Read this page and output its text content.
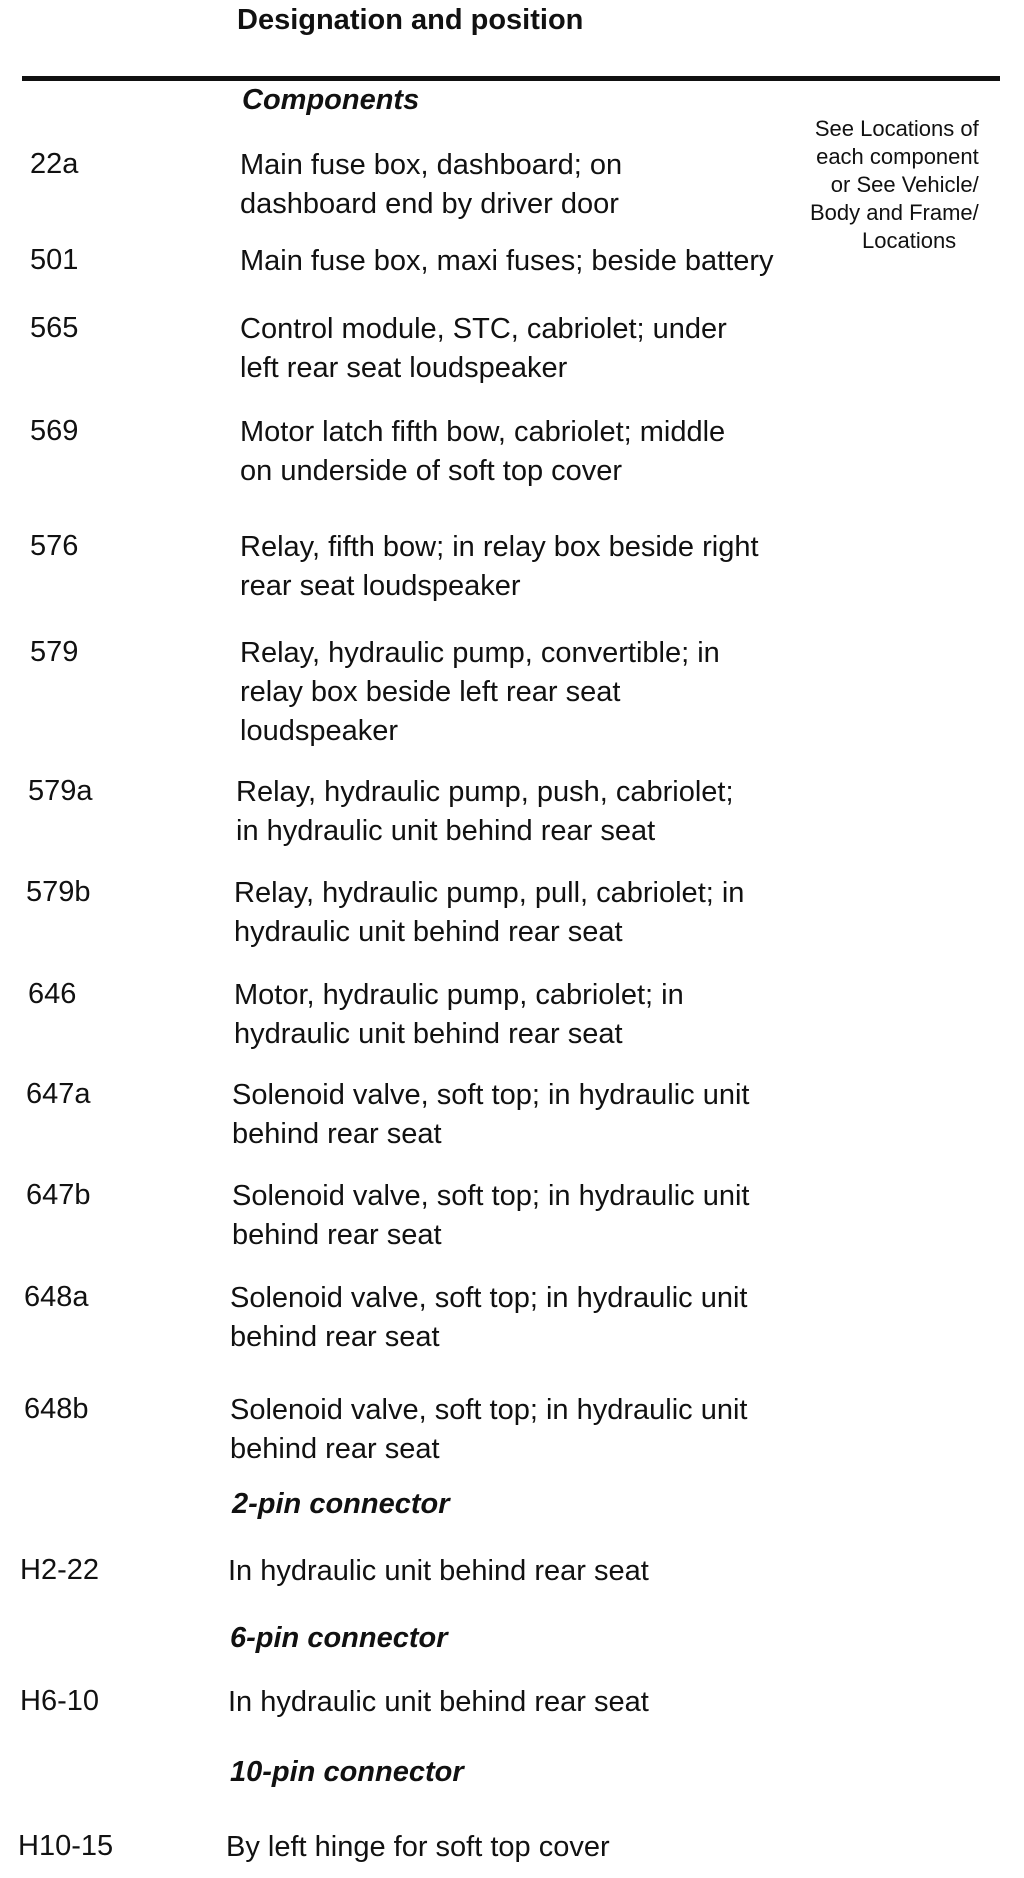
Designation and position
See Locations of
each component
or See Vehicle/
Body and Frame/
Locations
Components
22a	Main fuse box, dashboard; on
dashboard end by driver door
501	Main fuse box, maxi fuses; beside battery
565	Control module, STC, cabriolet; under
left rear seat loudspeaker
569	Motor latch fifth bow, cabriolet; middle
on underside of soft top cover
576	Relay, fifth bow; in relay box beside right
rear seat loudspeaker
579	Relay, hydraulic pump, convertible; in
relay box beside left rear seat
loudspeaker
579a	Relay, hydraulic pump, push, cabriolet;
in hydraulic unit behind rear seat
579b	Relay, hydraulic pump, pull, cabriolet; in
hydraulic unit behind rear seat
646	Motor, hydraulic pump, cabriolet; in
hydraulic unit behind rear seat
647a	Solenoid valve, soft top; in hydraulic unit
behind rear seat
647b	Solenoid valve, soft top; in hydraulic unit
behind rear seat
648a	Solenoid valve, soft top; in hydraulic unit
behind rear seat
648b	Solenoid valve, soft top; in hydraulic unit
behind rear seat
2-pin connector
H2-22	In hydraulic unit behind rear seat
6-pin connector
H6-10	In hydraulic unit behind rear seat
10-pin connector
H10-15	By left hinge for soft top cover
